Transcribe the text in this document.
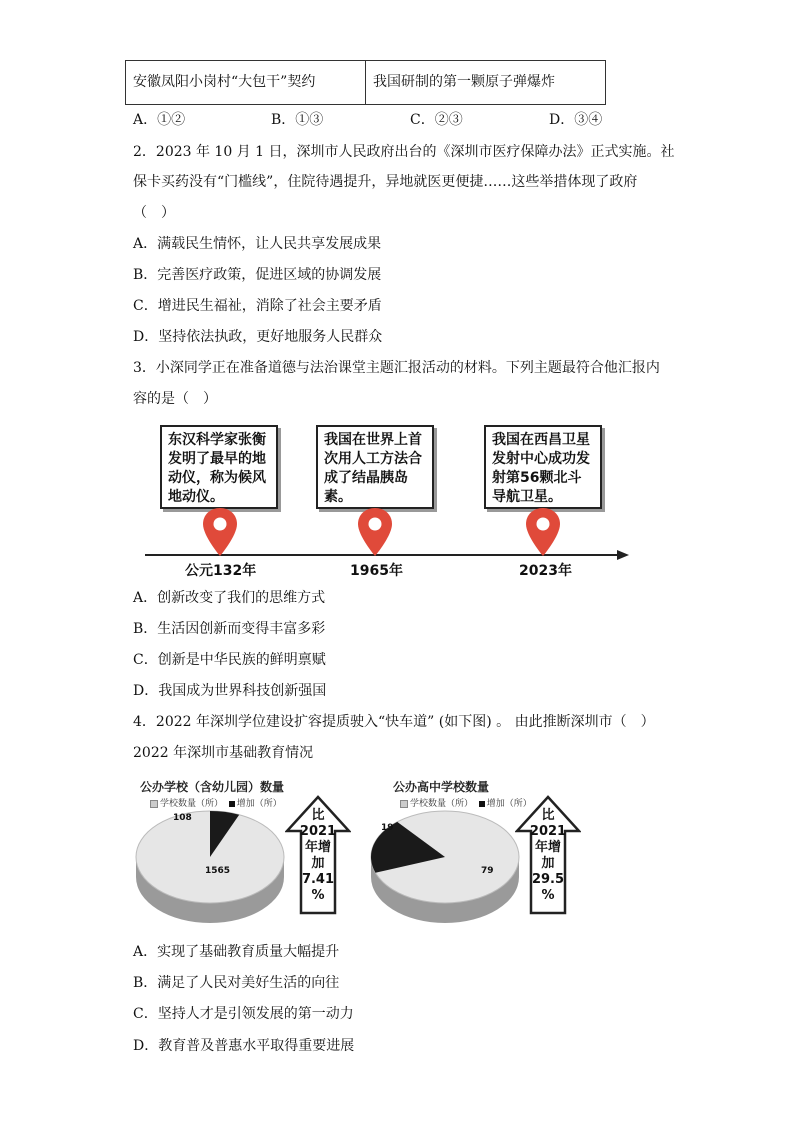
安徽凤阳小岗村“大包干”契约	我国研制的第一颗原子弹爆炸
A．①②	B．①③	C．②③	D．③④
2．2023 年 10 月 1 日，深圳市人民政府出台的《深圳市医疗保障办法》正式实施。社
保卡买药没有“门槛线”，住院待遇提升，异地就医更便捷……这些举措体现了政府
（　）
A．满载民生情怀，让人民共享发展成果
B．完善医疗政策，促进区域的协调发展
C．增进民生福祉，消除了社会主要矛盾
D．坚持依法执政，更好地服务人民群众
3．小深同学正在准备道德与法治课堂主题汇报活动的材料。下列主题最符合他汇报内
容的是（　）
东汉科学家张衡发明了最早的地动仪，称为候风地动仪。
我国在世界上首次用人工方法合成了结晶胰岛素。
我国在西昌卫星发射中心成功发射第56颗北斗导航卫星。
公元132年	1965年	2023年
A．创新改变了我们的思维方式
B．生活因创新而变得丰富多彩
C．创新是中华民族的鲜明禀赋
D．我国成为世界科技创新强国
4．2022 年深圳学位建设扩容提质驶入“快车道” (如下图) 。 由此推断深圳市（　）
2022 年深圳市基础教育情况
公办学校（含幼儿园）数量
学校数量（所） 增加（所）
108
1565
比
2021
年增
加
7.41
%
公办高中学校数量
学校数量（所） 增加（所）
19
79
比
2021
年增
加
29.5
%
A．实现了基础教育质量大幅提升
B．满足了人民对美好生活的向往
C．坚持人才是引领发展的第一动力
D．教育普及普惠水平取得重要进展
